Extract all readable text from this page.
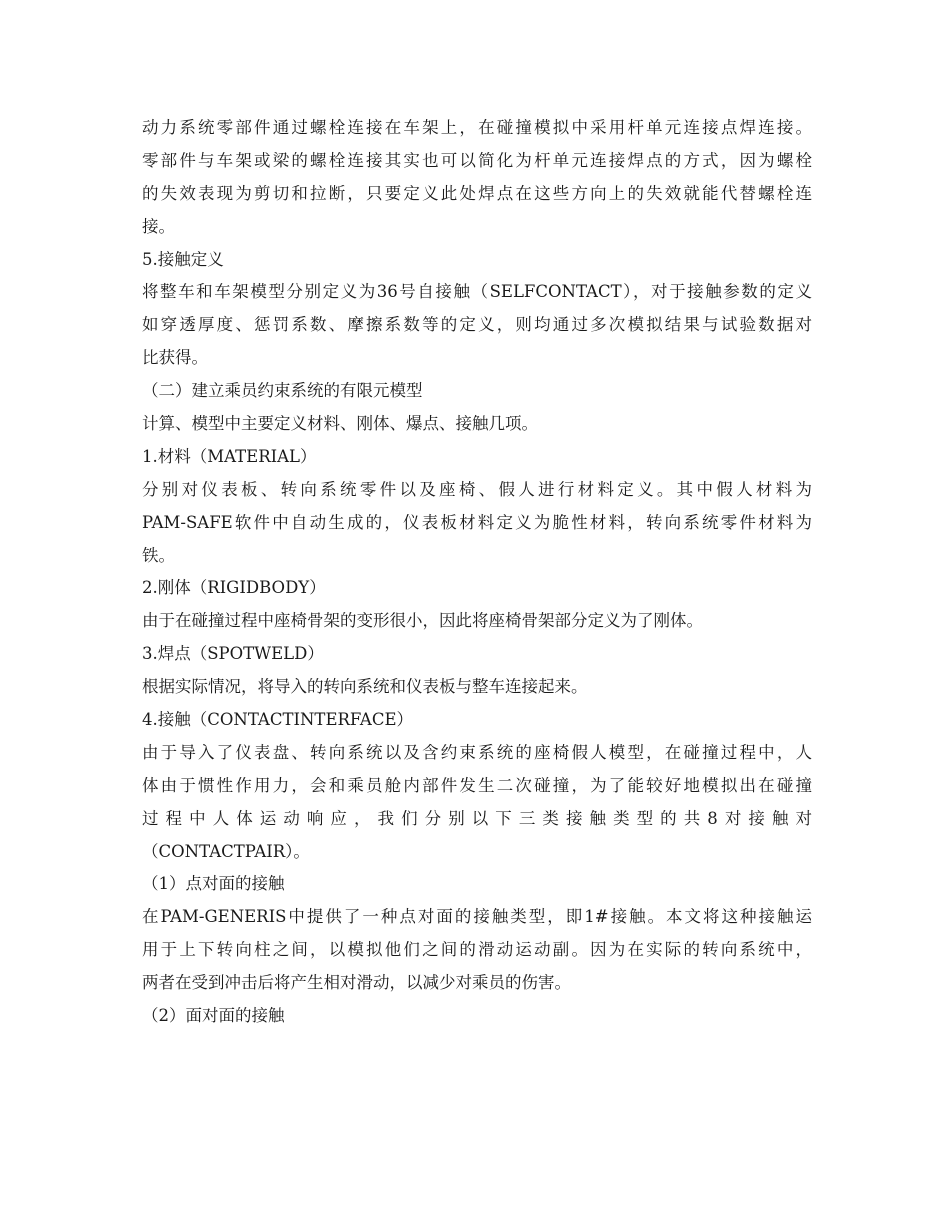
动力系统零部件通过螺栓连接在车架上，在碰撞模拟中采用杆单元连接点焊连接。
零部件与车架或梁的螺栓连接其实也可以简化为杆单元连接焊点的方式，因为螺栓
的失效表现为剪切和拉断，只要定义此处焊点在这些方向上的失效就能代替螺栓连
接。
5.接触定义
将整车和车架模型分别定义为36号自接触（SELFCONTACT），对于接触参数的定义
如穿透厚度、惩罚系数、摩擦系数等的定义，则均通过多次模拟结果与试验数据对
比获得。
（二）建立乘员约束系统的有限元模型
计算、模型中主要定义材料、刚体、爆点、接触几项。
1.材料（MATERIAL）
分别对仪表板、转向系统零件以及座椅、假人进行材料定义。其中假人材料为
PAM-SAFE软件中自动生成的，仪表板材料定义为脆性材料，转向系统零件材料为
铁。
2.刚体（RIGIDBODY）
由于在碰撞过程中座椅骨架的变形很小，因此将座椅骨架部分定义为了刚体。
3.焊点（SPOTWELD）
根据实际情况，将导入的转向系统和仪表板与整车连接起来。
4.接触（CONTACTINTERFACE）
由于导入了仪表盘、转向系统以及含约束系统的座椅假人模型，在碰撞过程中，人
体由于惯性作用力，会和乘员舱内部件发生二次碰撞，为了能较好地模拟出在碰撞
过程中人体运动响应，我们分别以下三类接触类型的共8对接触对
（CONTACTPAIR）。
（1）点对面的接触
在PAM-GENERIS中提供了一种点对面的接触类型，即1#接触。本文将这种接触运
用于上下转向柱之间，以模拟他们之间的滑动运动副。因为在实际的转向系统中，
两者在受到冲击后将产生相对滑动，以减少对乘员的伤害。
（2）面对面的接触
